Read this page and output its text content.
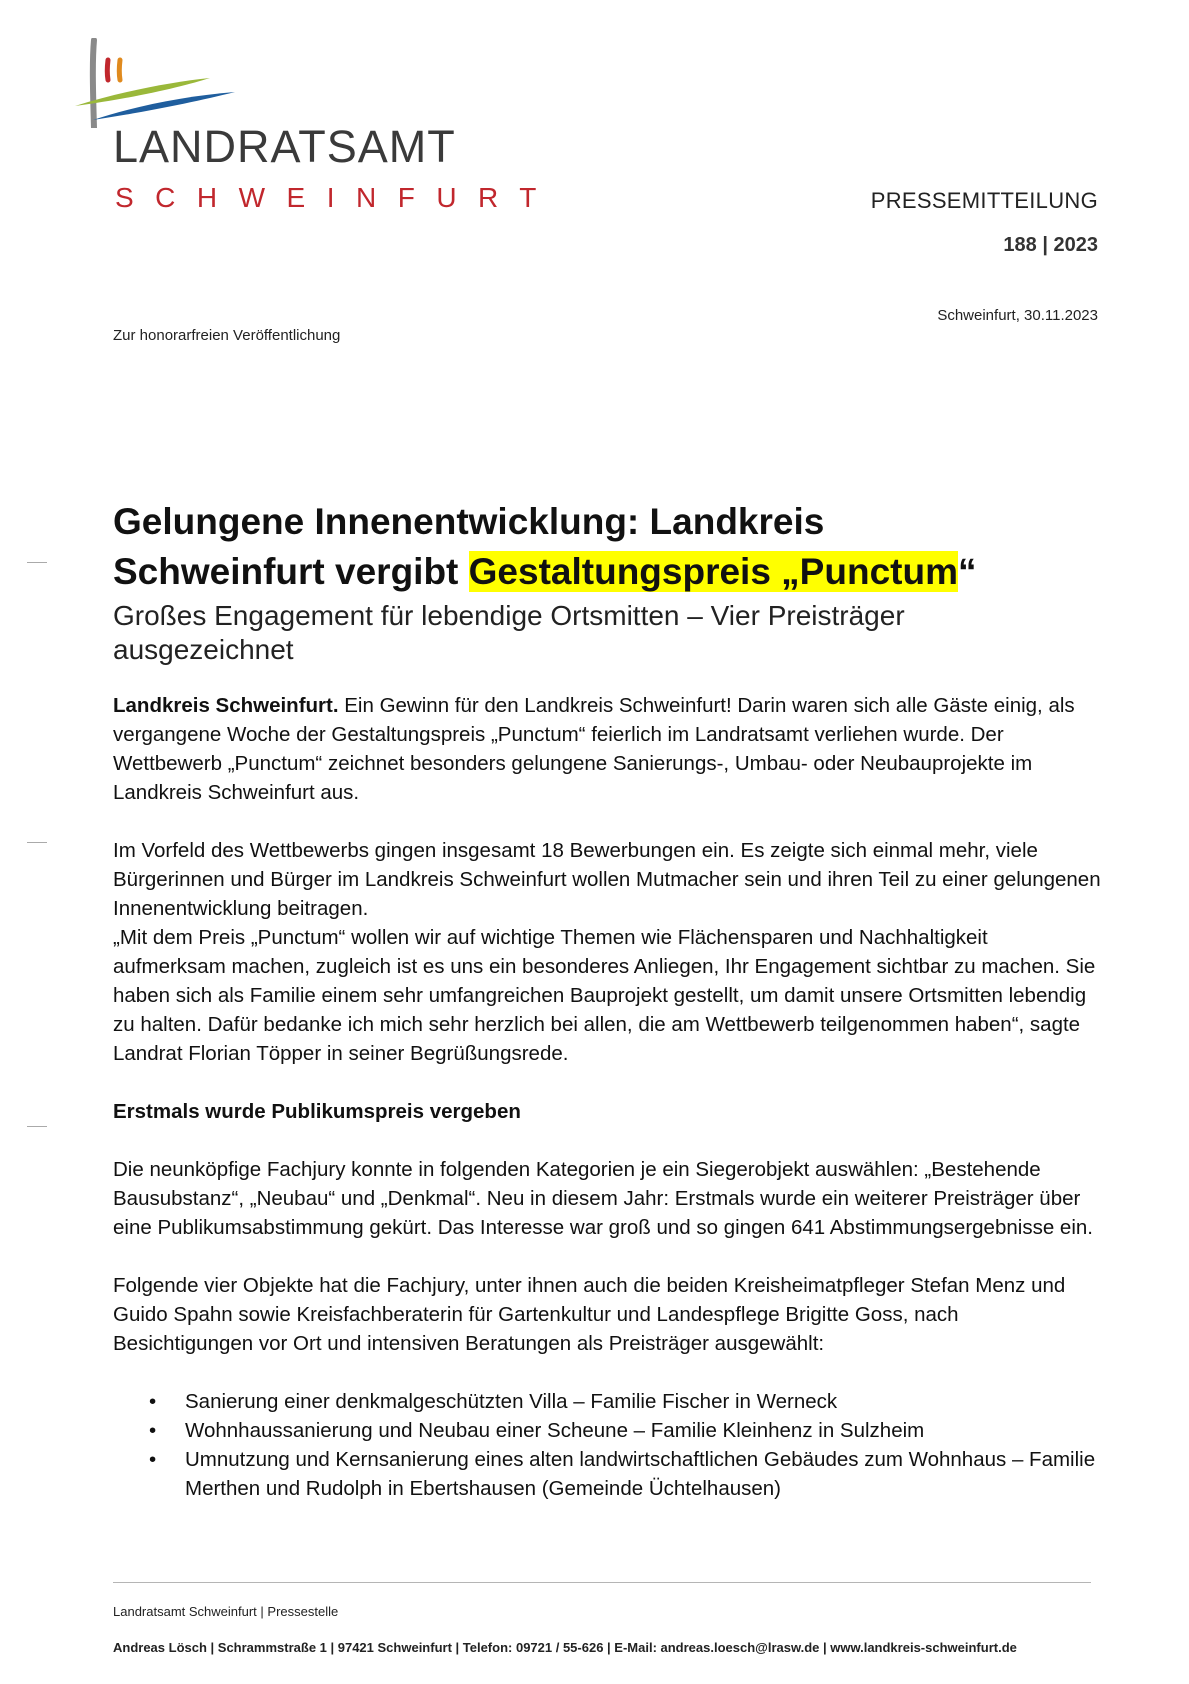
LANDRATSAMT
SCHWEINFURT	PRESSEMITTEILUNG
188 | 2023
Schweinfurt, 30.11.2023
Zur honorarfreien Veröffentlichung
Gelungene Innenentwicklung: Landkreis
Schweinfurt vergibt Gestaltungspreis „Punctum“

Großes Engagement für lebendige Ortsmitten – Vier Preisträger ausgezeichnet

Landkreis Schweinfurt. Ein Gewinn für den Landkreis Schweinfurt! Darin waren sich alle Gäste einig, als vergangene Woche der Gestaltungspreis „Punctum“ feierlich im Landratsamt verliehen wurde. Der Wettbewerb „Punctum“ zeichnet besonders gelungene Sanierungs-, Umbau- oder Neubauprojekte im Landkreis Schweinfurt aus.

Im Vorfeld des Wettbewerbs gingen insgesamt 18 Bewerbungen ein. Es zeigte sich einmal mehr, viele Bürgerinnen und Bürger im Landkreis Schweinfurt wollen Mutmacher sein und ihren Teil zu einer gelungenen Innenentwicklung beitragen.

„Mit dem Preis „Punctum“ wollen wir auf wichtige Themen wie Flächensparen und Nachhaltigkeit aufmerksam machen, zugleich ist es uns ein besonderes Anliegen, Ihr Engagement sichtbar zu machen. Sie haben sich als Familie einem sehr umfangreichen Bauprojekt gestellt, um damit unsere Ortsmitten lebendig zu halten. Dafür bedanke ich mich sehr herzlich bei allen, die am Wettbewerb teilgenommen haben“, sagte Landrat Florian Töpper in seiner Begrüßungsrede.

Erstmals wurde Publikumspreis vergeben

Die neunköpfige Fachjury konnte in folgenden Kategorien je ein Siegerobjekt auswählen: „Bestehende Bausubstanz“, „Neubau“ und „Denkmal“. Neu in diesem Jahr: Erstmals wurde ein weiterer Preisträger über eine Publikumsabstimmung gekürt. Das Interesse war groß und so gingen 641 Abstimmungsergebnisse ein.

Folgende vier Objekte hat die Fachjury, unter ihnen auch die beiden Kreisheimatpfleger Stefan Menz und Guido Spahn sowie Kreisfachberaterin für Gartenkultur und Landespflege Brigitte Goss, nach Besichtigungen vor Ort und intensiven Beratungen als Preisträger ausgewählt:

• Sanierung einer denkmalgeschützten Villa – Familie Fischer in Werneck
• Wohnhaussanierung und Neubau einer Scheune – Familie Kleinhenz in Sulzheim
• Umnutzung und Kernsanierung eines alten landwirtschaftlichen Gebäudes zum Wohnhaus – Familie Merthen und Rudolph in Ebertshausen (Gemeinde Üchtelhausen)
Landratsamt Schweinfurt | Pressestelle
Andreas Lösch | Schrammstraße 1 | 97421 Schweinfurt | Telefon: 09721 / 55-626 | E-Mail: andreas.loesch@lrasw.de | www.landkreis-schweinfurt.de
